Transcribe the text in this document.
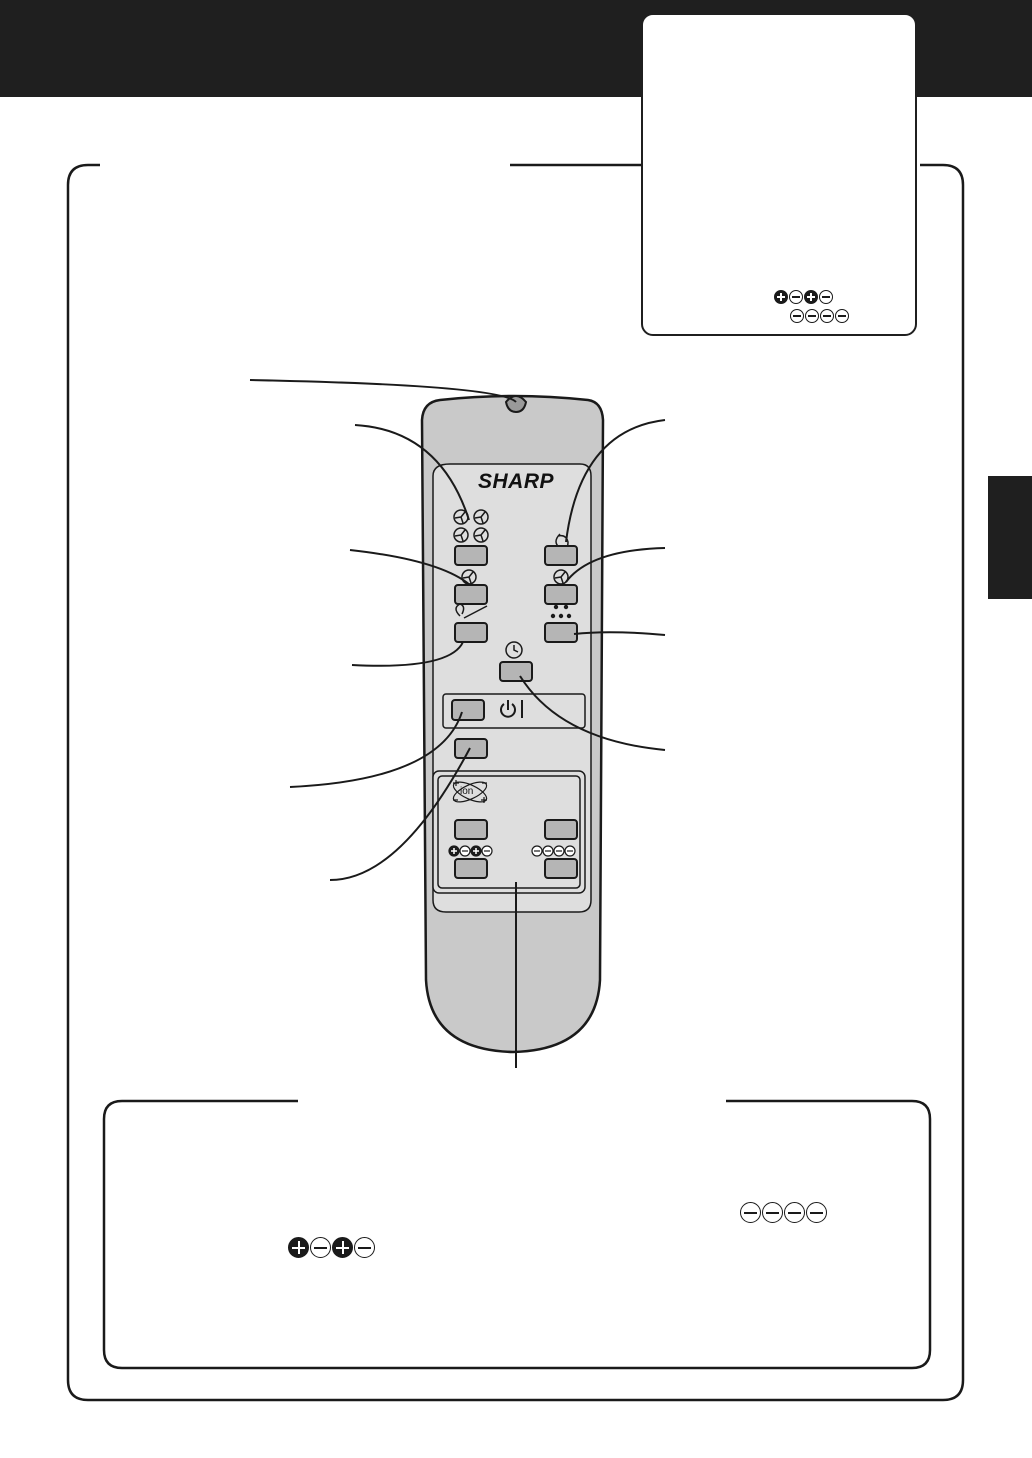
SHARP
ion
